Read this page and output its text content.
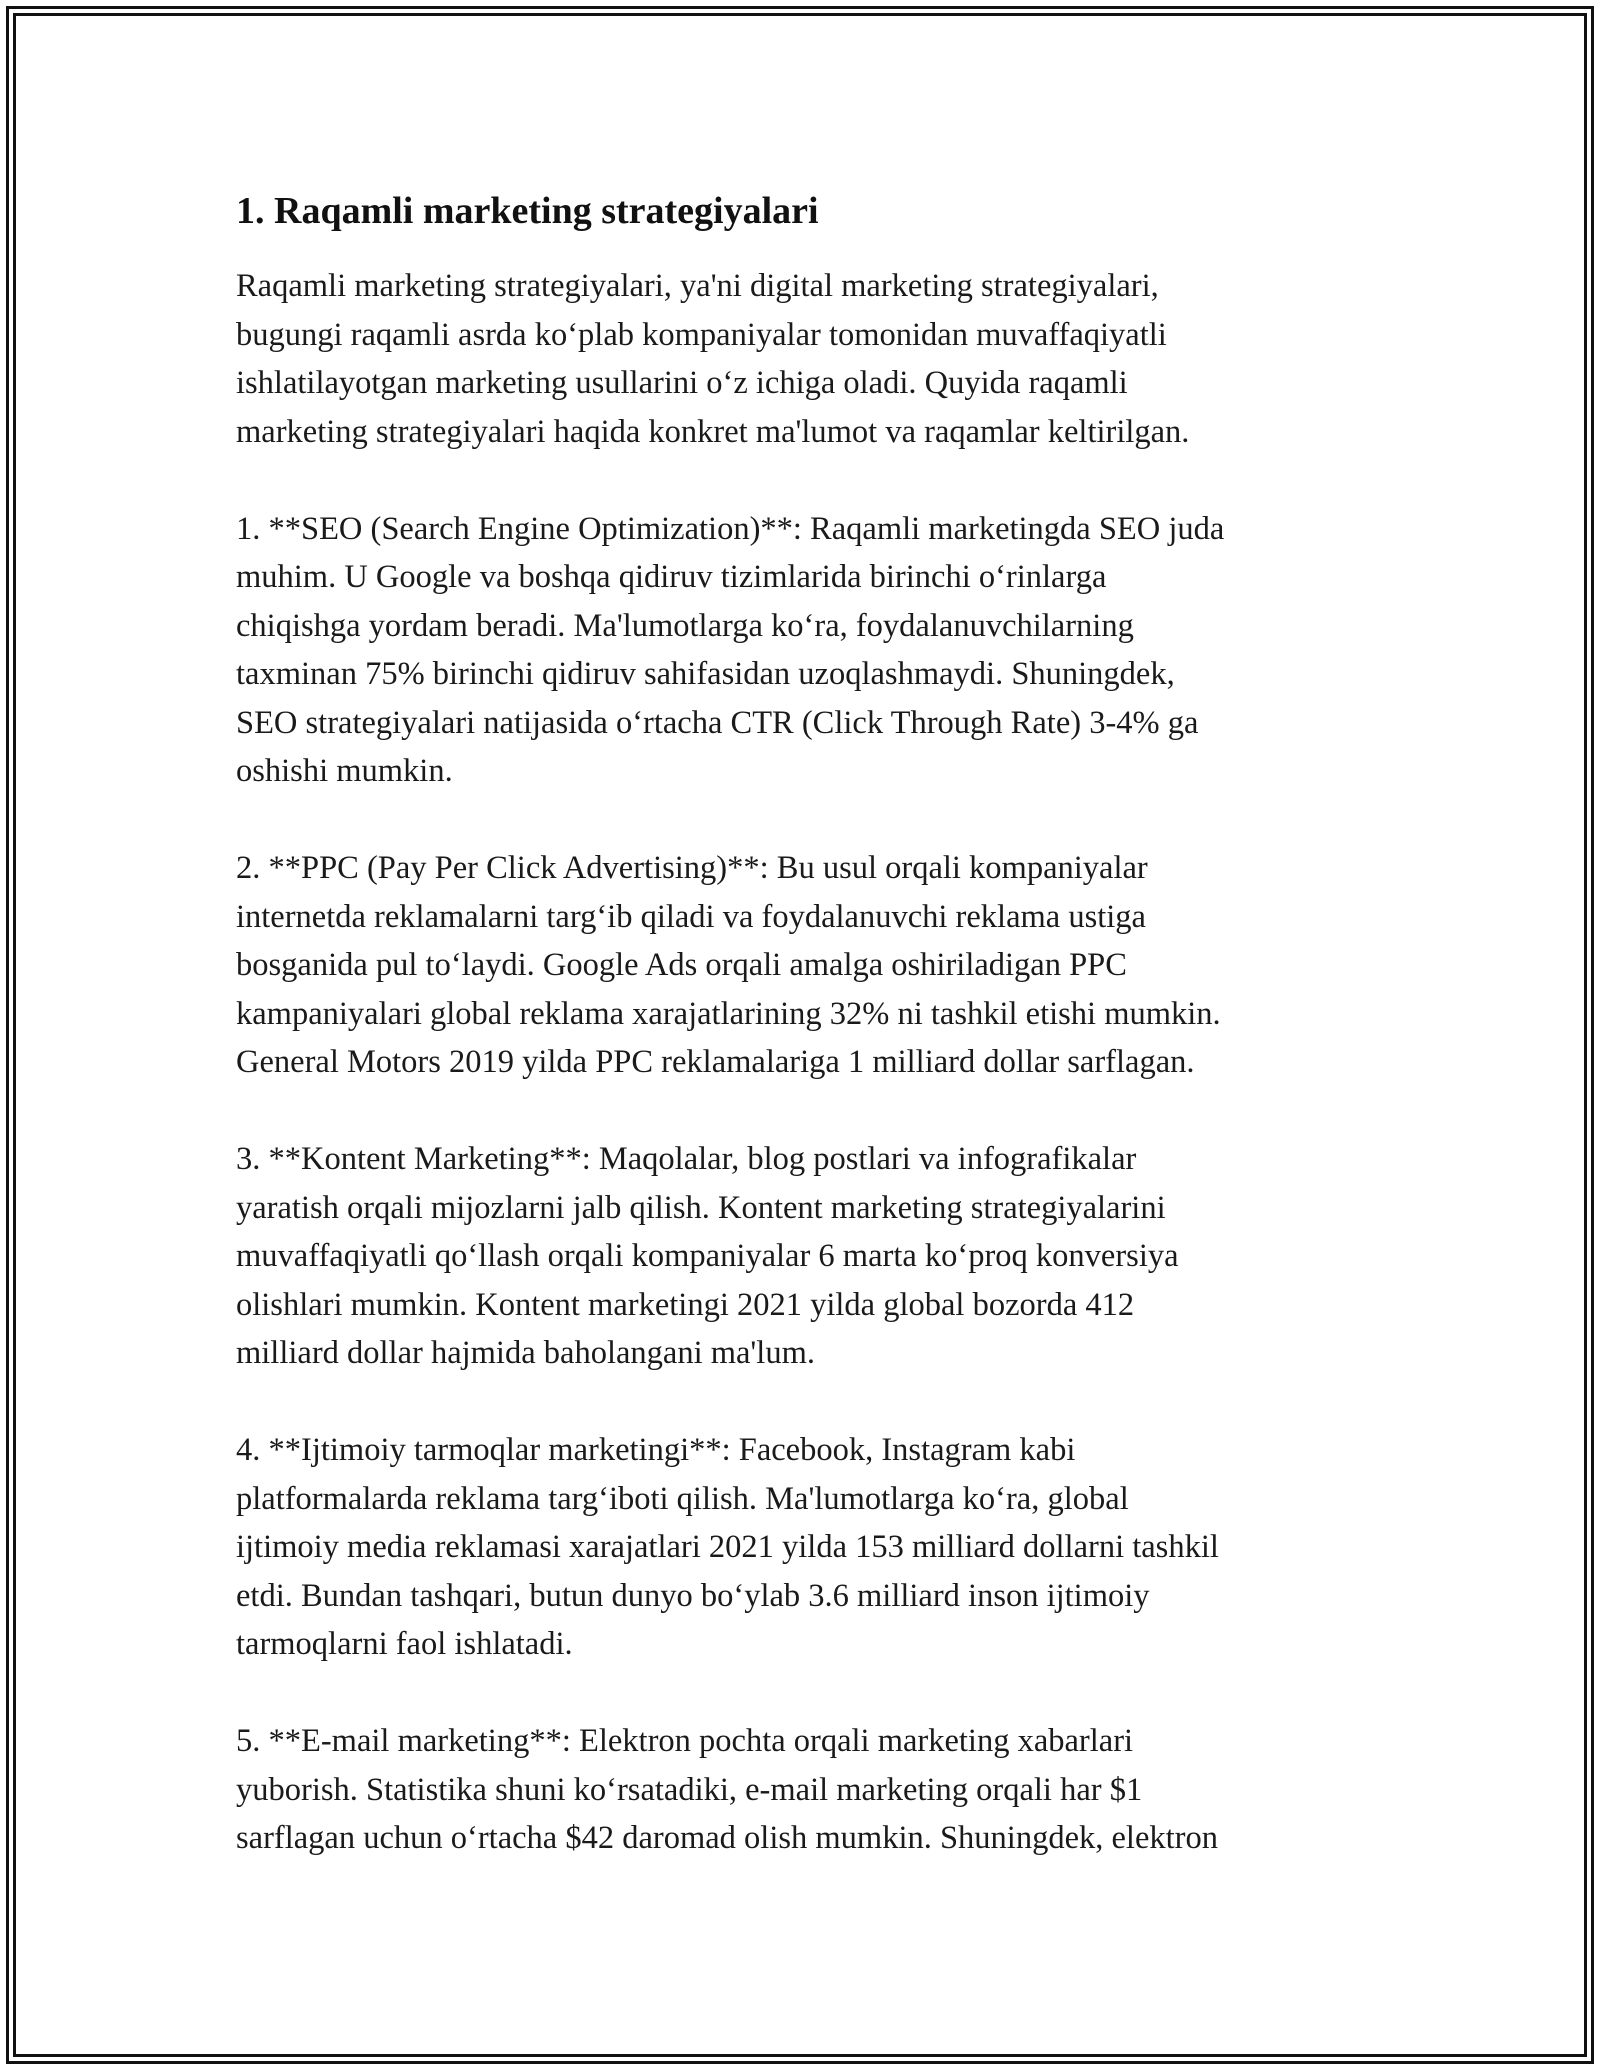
1. Raqamli marketing strategiyalari
Raqamli marketing strategiyalari, ya'ni digital marketing strategiyalari,
bugungi raqamli asrda koʻplab kompaniyalar tomonidan muvaffaqiyatli
ishlatilayotgan marketing usullarini oʻz ichiga oladi. Quyida raqamli
marketing strategiyalari haqida konkret ma'lumot va raqamlar keltirilgan.
1. **SEO (Search Engine Optimization)**: Raqamli marketingda SEO juda
muhim. U Google va boshqa qidiruv tizimlarida birinchi oʻrinlarga
chiqishga yordam beradi. Ma'lumotlarga koʻra, foydalanuvchilarning
taxminan 75% birinchi qidiruv sahifasidan uzoqlashmaydi. Shuningdek,
SEO strategiyalari natijasida oʻrtacha CTR (Click Through Rate) 3-4% ga
oshishi mumkin.
2. **PPC (Pay Per Click Advertising)**: Bu usul orqali kompaniyalar
internetda reklamalarni targʻib qiladi va foydalanuvchi reklama ustiga
bosganida pul toʻlaydi. Google Ads orqali amalga oshiriladigan PPC
kampaniyalari global reklama xarajatlarining 32% ni tashkil etishi mumkin.
General Motors 2019 yilda PPC reklamalariga 1 milliard dollar sarflagan.
3. **Kontent Marketing**: Maqolalar, blog postlari va infografikalar
yaratish orqali mijozlarni jalb qilish. Kontent marketing strategiyalarini
muvaffaqiyatli qoʻllash orqali kompaniyalar 6 marta koʻproq konversiya
olishlari mumkin. Kontent marketingi 2021 yilda global bozorda 412
milliard dollar hajmida baholangani ma'lum.
4. **Ijtimoiy tarmoqlar marketingi**: Facebook, Instagram kabi
platformalarda reklama targʻiboti qilish. Ma'lumotlarga koʻra, global
ijtimoiy media reklamasi xarajatlari 2021 yilda 153 milliard dollarni tashkil
etdi. Bundan tashqari, butun dunyo boʻylab 3.6 milliard inson ijtimoiy
tarmoqlarni faol ishlatadi.
5. **E-mail marketing**: Elektron pochta orqali marketing xabarlari
yuborish. Statistika shuni koʻrsatadiki, e-mail marketing orqali har $1
sarflagan uchun oʻrtacha $42 daromad olish mumkin. Shuningdek, elektron
